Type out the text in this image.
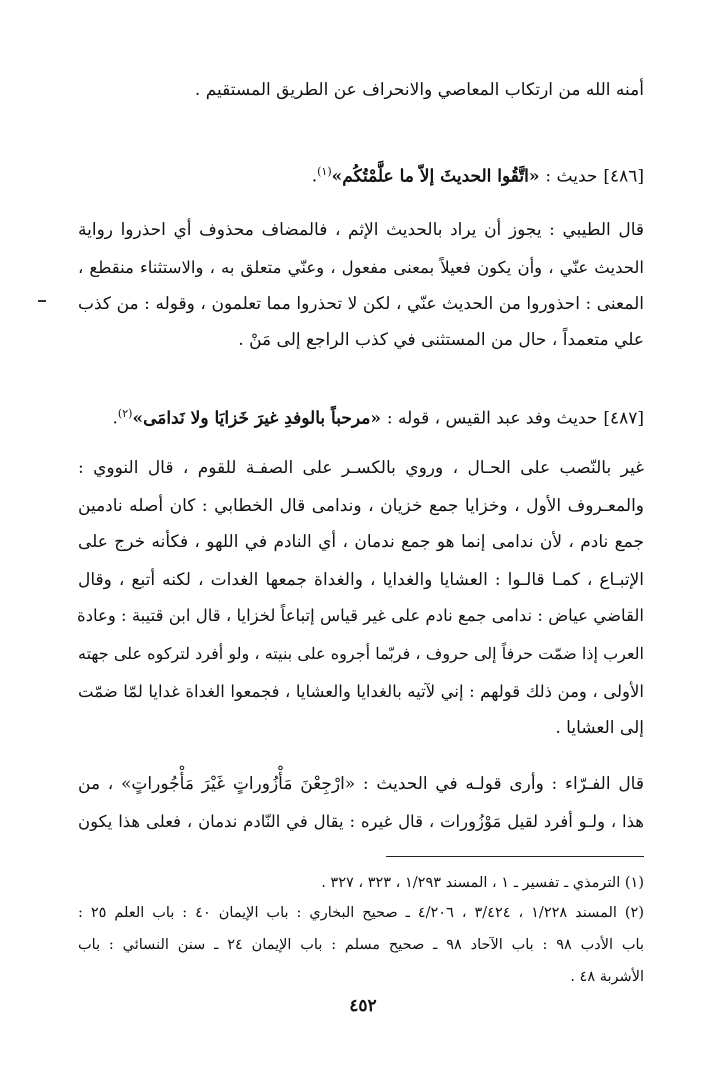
أمنه الله من ارتكاب المعاصي والانحراف عن الطريق المستقيم .
[٤٨٦] حديث : «اتَّقُوا الحديثَ إلاّ ما علَّمْتُكُم»$^{(١)}$.
قال الطيبي : يجوز أن يراد بالحديث الإثم ، فالمضاف محذوف أي احذروا رواية
الحديث عنّي ، وأن يكون فعيلاً بمعنى مفعول ، وعنّي متعلق به ، والاستثناء منقطع ،
المعنى : احذوروا من الحديث عنّي ، لكن لا تحذروا مما تعلمون ، وقوله : من كذب
علي متعمداً ، حال من المستثنى في كذب الراجع إلى مَنْ .
[٤٨٧] حديث وفد عبد القيس ، قوله : «مرحباً بالوفدِ غيرَ خَزايَا ولا نَدامَى»$^{(٢)}$.
غير بالنّصب على الحـال ، وروي بالكسـر على الصفـة للقوم ، قال النووي :
والمعـروف الأول ، وخزايا جمع خزيان ، وندامى قال الخطابي : كان أصله نادمين
جمع نادم ، لأن ندامى إنما هو جمع ندمان ، أي النادم في اللهو ، فكأنه خرج على
الإتبـاع ، كمـا قالـوا : العشايا والغدايا ، والغداة جمعها الغدات ، لكنه أتبع ، وقال
القاضي عياض : ندامى جمع نادم على غير قياس إتباعاً لخزايا ، قال ابن قتيبة : وعادة
العرب إذا ضمّت حرفاً إلى حروف ، فربّما أجروه على بنيته ، ولو أفرد لتركوه على جهته
الأولى ، ومن ذلك قولهم : إني لآتيه بالغدايا والعشايا ، فجمعوا الغداة غدايا لمّا ضمّت
إلى العشايا .
قال الفـرّاء : وأرى قولـه في الحديث : «ارْجِعْنَ مَأْزُوراتٍ غَيْرَ مَأْجُوراتٍ» ، من
هذا ، ولـو أفرد لقيل مَوْزُورات ، قال غيره : يقال في النّادم ندمان ، فعلى هذا يكون
(١) الترمذي ـ تفسير ـ ١ ، المسند ١/٢٩٣ ، ٣٢٣ ، ٣٢٧ .
(٢) المسند ١/٢٢٨ ، ٣/٤٢٤ ، ٤/٢٠٦ ـ صحيح البخاري : باب الإيمان ٤٠ : باب العلم ٢٥ :
باب الأدب ٩٨ : باب الآحاد ٩٨ ـ صحيح مسلم : باب الإيمان ٢٤ ـ سنن النسائي : باب
الأشربة ٤٨ .
٤٥٢
